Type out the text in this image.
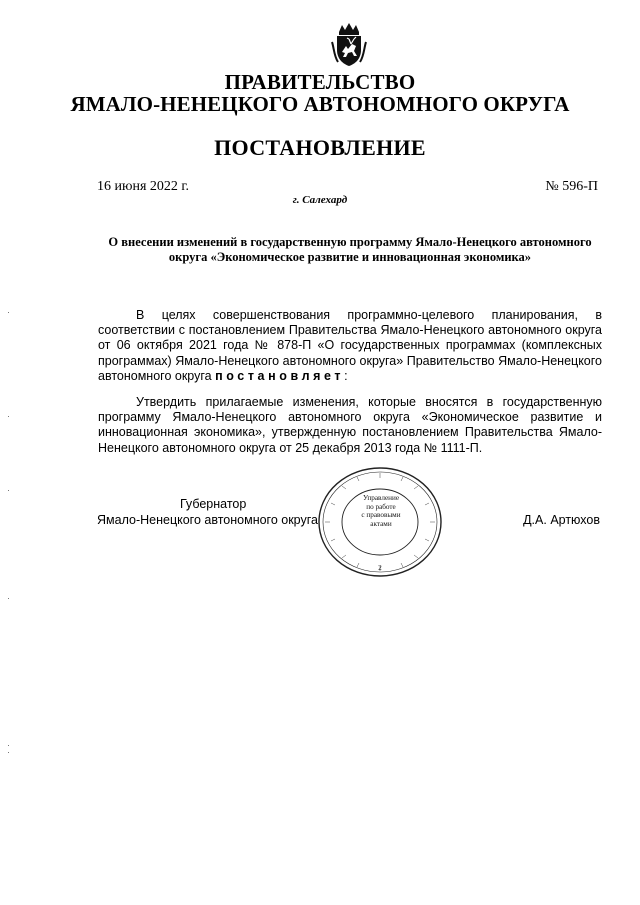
ПРАВИТЕЛЬСТВО
ЯМАЛО-НЕНЕЦКОГО АВТОНОМНОГО ОКРУГА
ПОСТАНОВЛЕНИЕ
16 июня 2022 г.	№ 596-П
г. Салехард
О внесении изменений в государственную программу Ямало-Ненецкого автономного округа «Экономическое развитие и инновационная экономика»

В целях совершенствования программно-целевого планирования, в соответствии с постановлением Правительства Ямало-Ненецкого автономного округа от 06 октября 2021 года № 878-П «О государственных программах (комплексных программах) Ямало-Ненецкого автономного округа» Правительство Ямало-Ненецкого автономного округа постановляет:

Утвердить прилагаемые изменения, которые вносятся в государственную программу Ямало-Ненецкого автономного округа «Экономическое развитие и инновационная экономика», утвержденную постановлением Правительства Ямало-Ненецкого автономного округа от 25 декабря 2013 года № 1111-П.

Губернатор
Ямало-Ненецкого автономного округа	Д.А. Артюхов
2
Управление
по работе
с правовыми
актами
